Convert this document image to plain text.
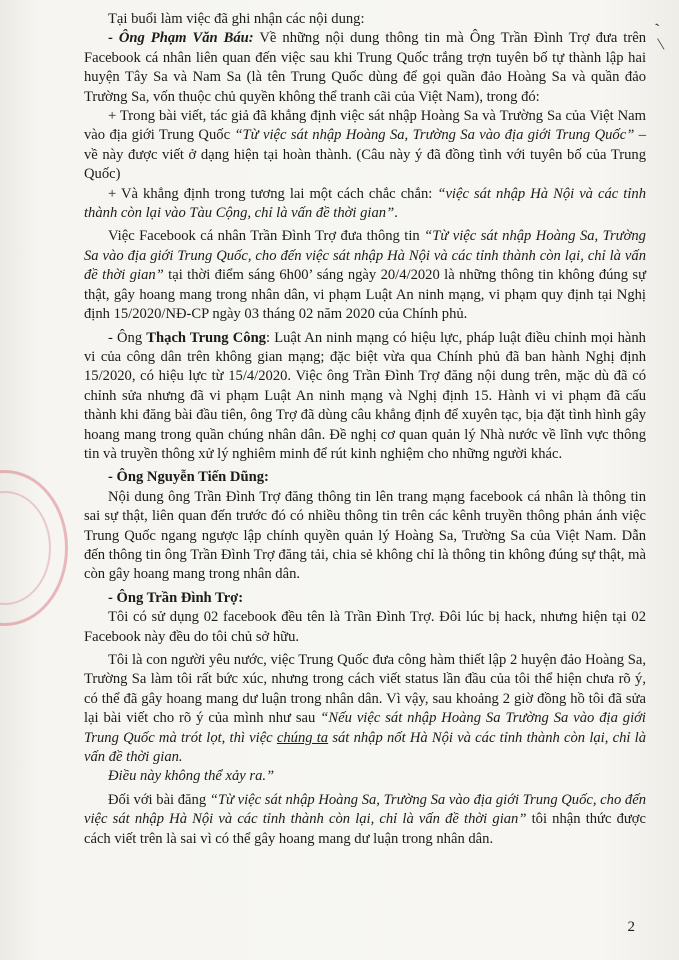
ˋ
\

Tại buổi làm việc đã ghi nhận các nội dung:

- Ông Phạm Văn Báu: Về những nội dung thông tin mà Ông Trần Đình Trợ đưa trên Facebook cá nhân liên quan đến việc sau khi Trung Quốc trắng trợn tuyên bố tự thành lập hai huyện Tây Sa và Nam Sa (là tên Trung Quốc dùng để gọi quần đảo Hoàng Sa và quần đảo Trường Sa, vốn thuộc chủ quyền không thể tranh cãi của Việt Nam), trong đó:

+ Trong bài viết, tác giả đã khẳng định việc sát nhập Hoàng Sa và Trường Sa của Việt Nam vào địa giới Trung Quốc “Từ việc sát nhập Hoàng Sa, Trường Sa vào địa giới Trung Quốc” – về này được viết ở dạng hiện tại hoàn thành. (Câu này ý đã đồng tình với tuyên bố của Trung Quốc)

+ Và khẳng định trong tương lai một cách chắc chắn: “việc sát nhập Hà Nội và các tỉnh thành còn lại vào Tàu Cộng, chỉ là vấn đề thời gian”.

Việc Facebook cá nhân Trần Đình Trợ đưa thông tin “Từ việc sát nhập Hoàng Sa, Trường Sa vào địa giới Trung Quốc, cho đến việc sát nhập Hà Nội và các tỉnh thành còn lại, chỉ là vấn đề thời gian” tại thời điểm sáng 6h00’ sáng ngày 20/4/2020 là những thông tin không đúng sự thật, gây hoang mang trong nhân dân, vi phạm Luật An ninh mạng, vi phạm quy định tại Nghị định 15/2020/NĐ-CP ngày 03 tháng 02 năm 2020 của Chính phủ.

- Ông Thạch Trung Công: Luật An ninh mạng có hiệu lực, pháp luật điều chỉnh mọi hành vi của công dân trên không gian mạng; đặc biệt vừa qua Chính phủ đã ban hành Nghị định 15/2020, có hiệu lực từ 15/4/2020. Việc ông Trần Đình Trợ đăng nội dung trên, mặc dù đã có chỉnh sửa nhưng đã vi phạm Luật An ninh mạng và Nghị định 15. Hành vi vi phạm đã cấu thành khi đăng bài đầu tiên, ông Trợ đã dùng câu khẳng định để xuyên tạc, bịa đặt tình hình gây hoang mang trong quần chúng nhân dân. Đề nghị cơ quan quản lý Nhà nước về lĩnh vực thông tin và truyền thông xử lý nghiêm minh để rút kinh nghiệm cho những người khác.

- Ông Nguyễn Tiến Dũng:

Nội dung ông Trần Đình Trợ đăng thông tin lên trang mạng facebook cá nhân là thông tin sai sự thật, liên quan đến trước đó có nhiều thông tin trên các kênh truyền thông phản ánh việc Trung Quốc ngang ngược lập chính quyền quản lý Hoàng Sa, Trường Sa của Việt Nam. Dẫn đến thông tin ông Trần Đình Trợ đăng tải, chia sẻ không chỉ là thông tin không đúng sự thật, mà còn gây hoang mang trong nhân dân.

- Ông Trần Đình Trợ:

Tôi có sử dụng 02 facebook đều tên là Trần Đình Trợ. Đôi lúc bị hack, nhưng hiện tại 02 Facebook này đều do tôi chủ sở hữu.

Tôi là con người yêu nước, việc Trung Quốc đưa công hàm thiết lập 2 huyện đảo Hoàng Sa, Trường Sa làm tôi rất bức xúc, nhưng trong cách viết status lần đầu của tôi thể hiện chưa rõ ý, có thể đã gây hoang mang dư luận trong nhân dân. Vì vậy, sau khoảng 2 giờ đồng hồ tôi đã sửa lại bài viết cho rõ ý của mình như sau “Nếu việc sát nhập Hoàng Sa Trường Sa vào địa giới Trung Quốc mà trót lọt, thì việc chúng ta sát nhập nốt Hà Nội và các tỉnh thành còn lại, chỉ là vấn đề thời gian.

Điều này không thể xảy ra.”

Đối với bài đăng “Từ việc sát nhập Hoàng Sa, Trường Sa vào địa giới Trung Quốc, cho đến việc sát nhập Hà Nội và các tỉnh thành còn lại, chỉ là vấn đề thời gian” tôi nhận thức được cách viết trên là sai vì có thể gây hoang mang dư luận trong nhân dân.

2
